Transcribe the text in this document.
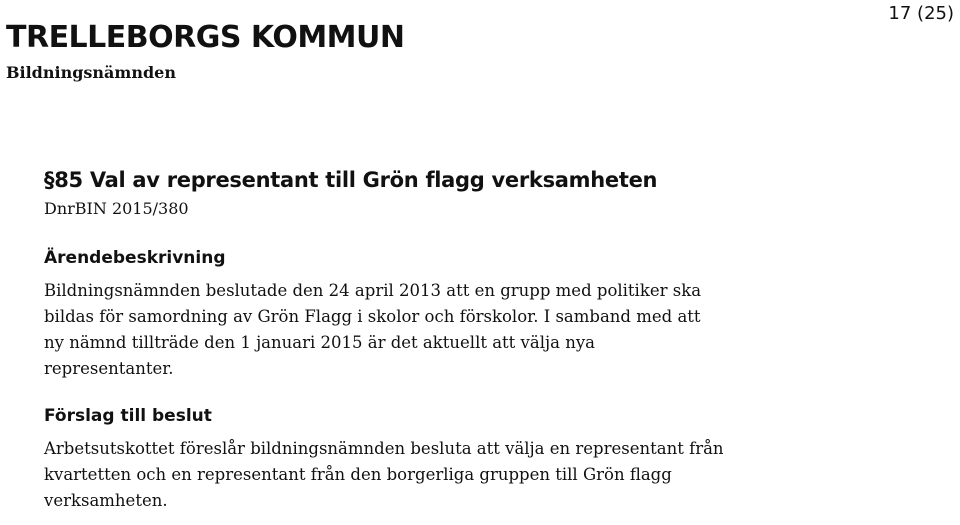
TRELLEBORGS KOMMUN
Bildningsnämnden
17 (25)
§85 Val av representant till Grön flagg verksamheten
DnrBIN 2015/380
Ärendebeskrivning

Bildningsnämnden beslutade den 24 april 2013 att en grupp med politiker ska
bildas för samordning av Grön Flagg i skolor och förskolor. I samband med att
ny nämnd tillträde den 1 januari 2015 är det aktuellt att välja nya
representanter.

Förslag till beslut

Arbetsutskottet föreslår bildningsnämnden besluta att välja en representant från
kvartetten och en representant från den borgerliga gruppen till Grön flagg
verksamheten.
